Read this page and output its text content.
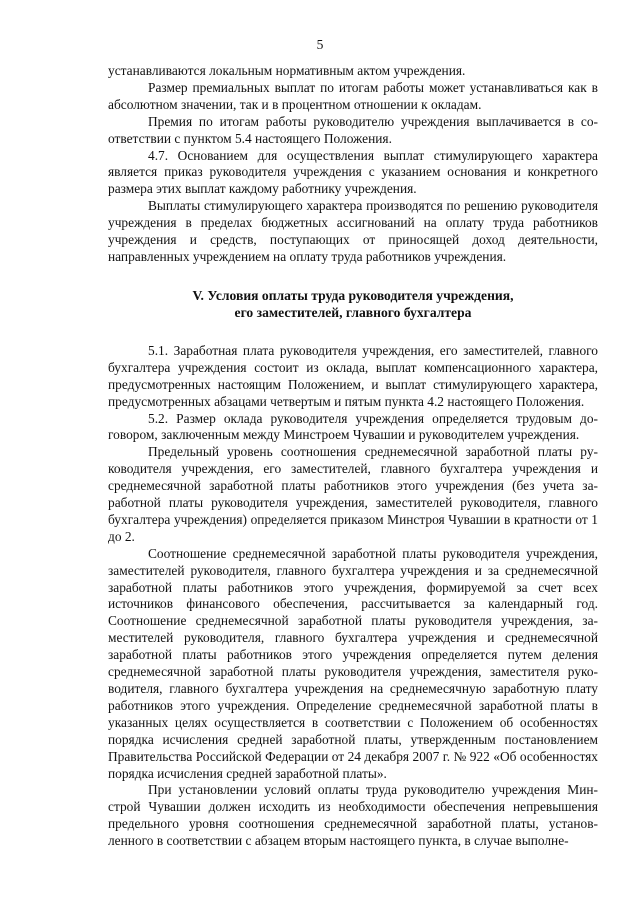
5

устанавливаются локальным нормативным актом учреждения.

Размер премиальных выплат по итогам работы может устанавливаться как в абсолютном значении, так и в процентном отношении к окладам.

Премия по итогам работы руководителю учреждения выплачивается в соответствии с пунктом 5.4 настоящего Положения.

4.7. Основанием для осуществления выплат стимулирующего характера является приказ руководителя учреждения с указанием основания и конкретного размера этих выплат каждому работнику учреждения.

Выплаты стимулирующего характера производятся по решению руководителя учреждения в пределах бюджетных ассигнований на оплату труда работников учреждения и средств, поступающих от приносящей доход деятельности, направленных учреждением на оплату труда работников учреждения.

V. Условия оплаты труда руководителя учреждения,
его заместителей, главного бухгалтера

5.1. Заработная плата руководителя учреждения, его заместителей, главного бухгалтера учреждения состоит из оклада, выплат компенсационного характера, предусмотренных настоящим Положением, и выплат стимулирующего характера, предусмотренных абзацами четвертым и пятым пункта 4.2 настоящего Положения.

5.2. Размер оклада руководителя учреждения определяется трудовым договором, заключенным между Минстроем Чувашии и руководителем учреждения.

Предельный уровень соотношения среднемесячной заработной платы руководителя учреждения, его заместителей, главного бухгалтера учреждения и среднемесячной заработной платы работников этого учреждения (без учета заработной платы руководителя учреждения, заместителей руководителя, главного бухгалтера учреждения) определяется приказом Минстроя Чувашии в кратности от 1 до 2.

Соотношение среднемесячной заработной платы руководителя учреждения, заместителей руководителя, главного бухгалтера учреждения и за среднемесячной заработной платы работников этого учреждения, формируемой за счет всех источников финансового обеспечения, рассчитывается за календарный год. Соотношение среднемесячной заработной платы руководителя учреждения, заместителей руководителя, главного бухгалтера учреждения и среднемесячной заработной платы работников этого учреждения определяется путем деления среднемесячной заработной платы руководителя учреждения, заместителя руководителя, главного бухгалтера учреждения на среднемесячную заработную плату работников этого учреждения. Определение среднемесячной заработной платы в указанных целях осуществляется в соответствии с Положением об особенностях порядка исчисления средней заработной платы, утвержденным постановлением Правительства Российской Федерации от 24 декабря 2007 г. № 922 «Об особенностях порядка исчисления средней заработной платы».

При установлении условий оплаты труда руководителю учреждения Минстрой Чувашии должен исходить из необходимости обеспечения непревышения предельного уровня соотношения среднемесячной заработной платы, установленного в соответствии с абзацем вторым настоящего пункта, в случае выполне-
